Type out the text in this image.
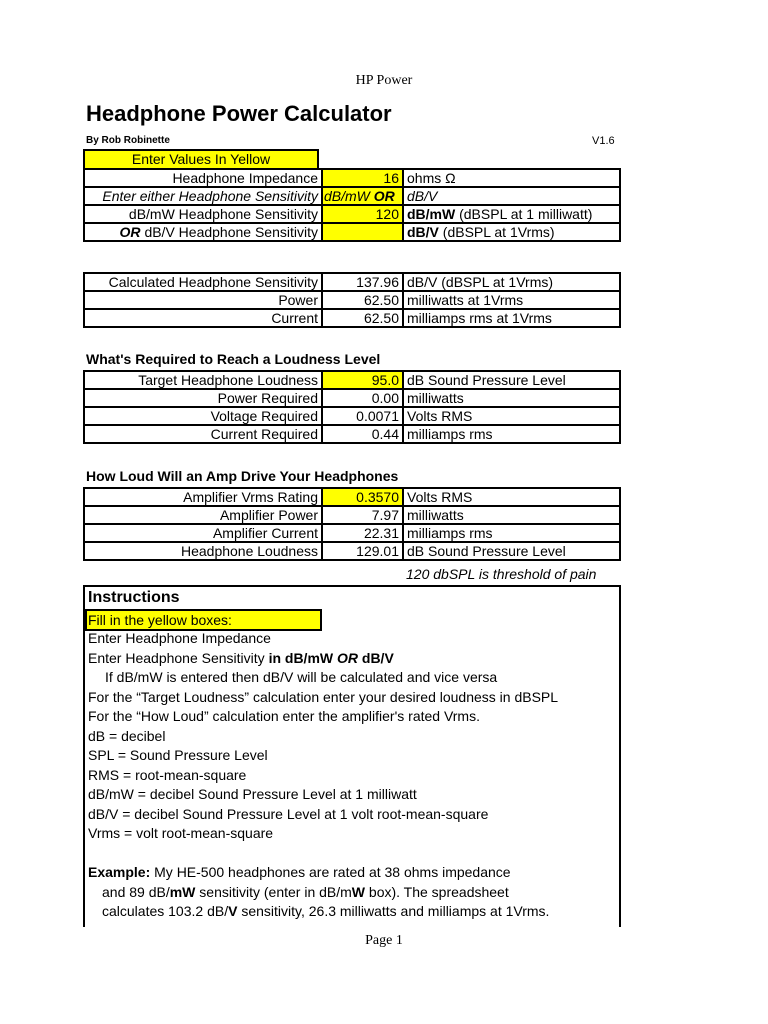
HP Power
Headphone Power Calculator
By Rob Robinette	V1.6
Enter Values In Yellow
Headphone Impedance	16	ohms Ω
Enter either Headphone Sensitivity	dB/mW OR	dB/V
dB/mW Headphone Sensitivity	120	dB/mW (dBSPL at 1 milliwatt)
OR dB/V Headphone Sensitivity		dB/V (dBSPL at 1Vrms)
Calculated Headphone Sensitivity	137.96	dB/V (dBSPL at 1Vrms)
Power	62.50	milliwatts at 1Vrms
Current	62.50	milliamps rms at 1Vrms
What's Required to Reach a Loudness Level
Target Headphone Loudness	95.0	dB Sound Pressure Level
Power Required	0.00	milliwatts
Voltage Required	0.0071	Volts RMS
Current Required	0.44	milliamps rms
How Loud Will an Amp Drive Your Headphones
Amplifier Vrms Rating	0.3570	Volts RMS
Amplifier Power	7.97	milliwatts
Amplifier Current	22.31	milliamps rms
Headphone Loudness	129.01	dB Sound Pressure Level
120 dbSPL is threshold of pain
Instructions
Fill in the yellow boxes:
Enter Headphone Impedance
Enter Headphone Sensitivity in dB/mW OR dB/V
If dB/mW is entered then dB/V will be calculated and vice versa
For the “Target Loudness” calculation enter your desired loudness in dBSPL
For the “How Loud” calculation enter the amplifier's rated Vrms.
dB = decibel
SPL = Sound Pressure Level
RMS = root-mean-square
dB/mW = decibel Sound Pressure Level at 1 milliwatt
dB/V = decibel Sound Pressure Level at 1 volt root-mean-square
Vrms = volt root-mean-square
Example: My HE-500 headphones are rated at 38 ohms impedance
and 89 dB/mW sensitivity (enter in dB/mW box). The spreadsheet
calculates 103.2 dB/V sensitivity, 26.3 milliwatts and milliamps at 1Vrms.
Page 1
